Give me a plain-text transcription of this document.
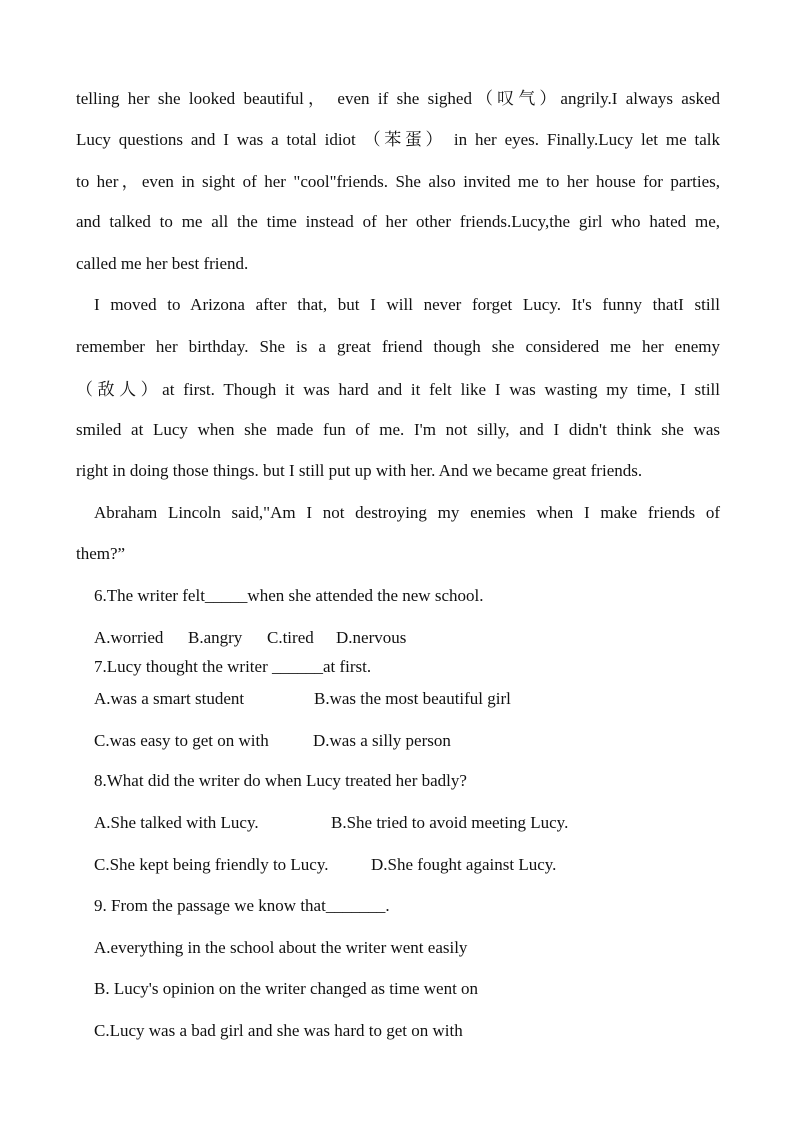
telling her she looked beautiful， even if she sighed（叹气）angrily.I always asked
Lucy questions and I was a total idiot （苯蛋） in her eyes. Finally.Lucy let me talk
to her，even in sight of her "cool"friends. She also invited me to her house for parties,
and talked to me all the time instead of her other friends.Lucy,the girl who hated me,
called me her best friend.
I moved to Arizona after that, but I will never forget Lucy. It's funny thatI still
remember her birthday. She is a great friend though she considered me her enemy
（敌人）at first. Though it was hard and it felt like I was wasting my time, I still
smiled at Lucy when she made fun of me. I'm not silly, and I didn't think she was
right in doing those things. but I still put up with her. And we became great friends.
Abraham Lincoln said,"Am I not destroying my enemies when I make friends of
them?”
6.The writer felt_____when she attended the new school.
A.worried B.angry C.tired D.nervous
7.Lucy thought the writer ______at first.
A.was a smart student	B.was the most beautiful girl
C.was easy to get on with	D.was a silly person
8.What did the writer do when Lucy treated her badly?
A.She talked with Lucy.	B.She tried to avoid meeting Lucy.
C.She kept being friendly to Lucy.	D.She fought against Lucy.
9. From the passage we know that_______.
A.everything in the school about the writer went easily
B. Lucy's opinion on the writer changed as time went on
C.Lucy was a bad girl and she was hard to get on with
